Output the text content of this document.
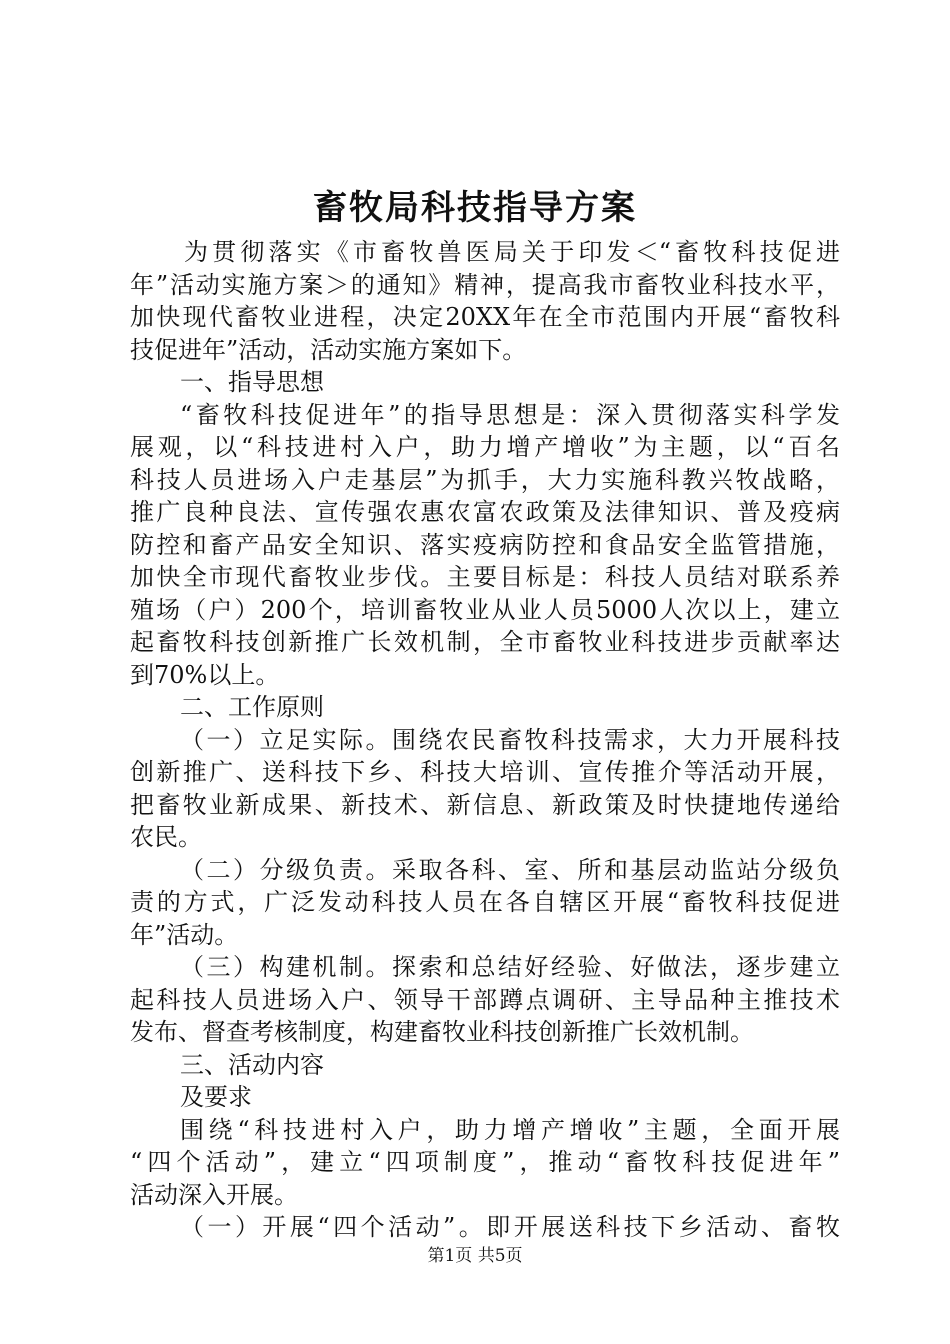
畜牧局科技指导方案
为贯彻落实《市畜牧兽医局关于印发＜“畜牧科技促进
年”活动实施方案＞的通知》精神，提高我市畜牧业科技水平，
加快现代畜牧业进程，决定20XX年在全市范围内开展“畜牧科
技促进年”活动，活动实施方案如下。
一、指导思想
“畜牧科技促进年”的指导思想是：深入贯彻落实科学发
展观，以“科技进村入户，助力增产增收”为主题，以“百名
科技人员进场入户走基层”为抓手，大力实施科教兴牧战略，
推广良种良法、宣传强农惠农富农政策及法律知识、普及疫病
防控和畜产品安全知识、落实疫病防控和食品安全监管措施，
加快全市现代畜牧业步伐。主要目标是：科技人员结对联系养
殖场（户）200个，培训畜牧业从业人员5000人次以上，建立
起畜牧科技创新推广长效机制，全市畜牧业科技进步贡献率达
到70%以上。
二、工作原则
（一）立足实际。围绕农民畜牧科技需求，大力开展科技
创新推广、送科技下乡、科技大培训、宣传推介等活动开展，
把畜牧业新成果、新技术、新信息、新政策及时快捷地传递给
农民。
（二）分级负责。采取各科、室、所和基层动监站分级负
责的方式，广泛发动科技人员在各自辖区开展“畜牧科技促进
年”活动。
（三）构建机制。探索和总结好经验、好做法，逐步建立
起科技人员进场入户、领导干部蹲点调研、主导品种主推技术
发布、督查考核制度，构建畜牧业科技创新推广长效机制。
三、活动内容
及要求
围绕“科技进村入户，助力增产增收”主题，全面开展
“四个活动”，建立“四项制度”，推动“畜牧科技促进年”
活动深入开展。
（一）开展“四个活动”。即开展送科技下乡活动、畜牧
第1页 共5页
